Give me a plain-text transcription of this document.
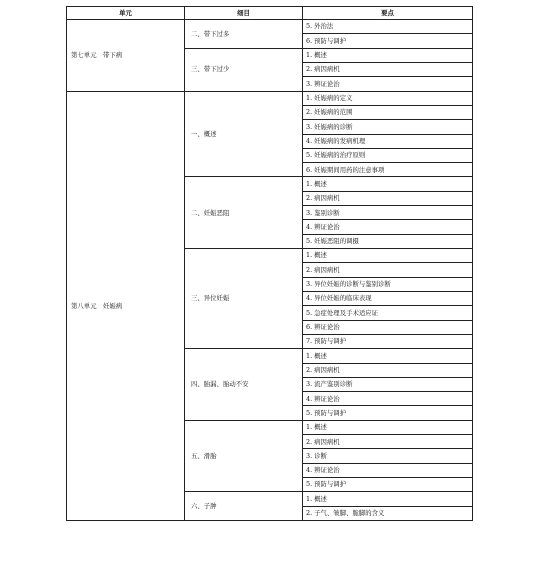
单元	细目	要点
第七单元　带下病	二、带下过多	5. 外治法
		6. 预防与调护
	三、带下过少	1. 概述
		2. 病因病机
		3. 辨证论治
第八单元　妊娠病	一、概述	1. 妊娠病的定义
		2. 妊娠病的范围
		3. 妊娠病的诊断
		4. 妊娠病的发病机理
		5. 妊娠病的治疗原则
		6. 妊娠期间用药的注意事项
	二、妊娠恶阻	1. 概述
		2. 病因病机
		3. 鉴别诊断
		4. 辨证论治
		5. 妊娠恶阻的调摄
	三、异位妊娠	1. 概述
		2. 病因病机
		3. 异位妊娠的诊断与鉴别诊断
		4. 异位妊娠的临床表现
		5. 急症处理及手术适应证
		6. 辨证论治
		7. 预防与调护
	四、胎漏、胎动不安	1. 概述
		2. 病因病机
		3. 流产鉴别诊断
		4. 辨证论治
		5. 预防与调护
	五、滑胎	1. 概述
		2. 病因病机
		3. 诊断
		4. 辨证论治
		5. 预防与调护
	六、子肿	1. 概述
		2. 子气、皱脚、脆脚的含义
